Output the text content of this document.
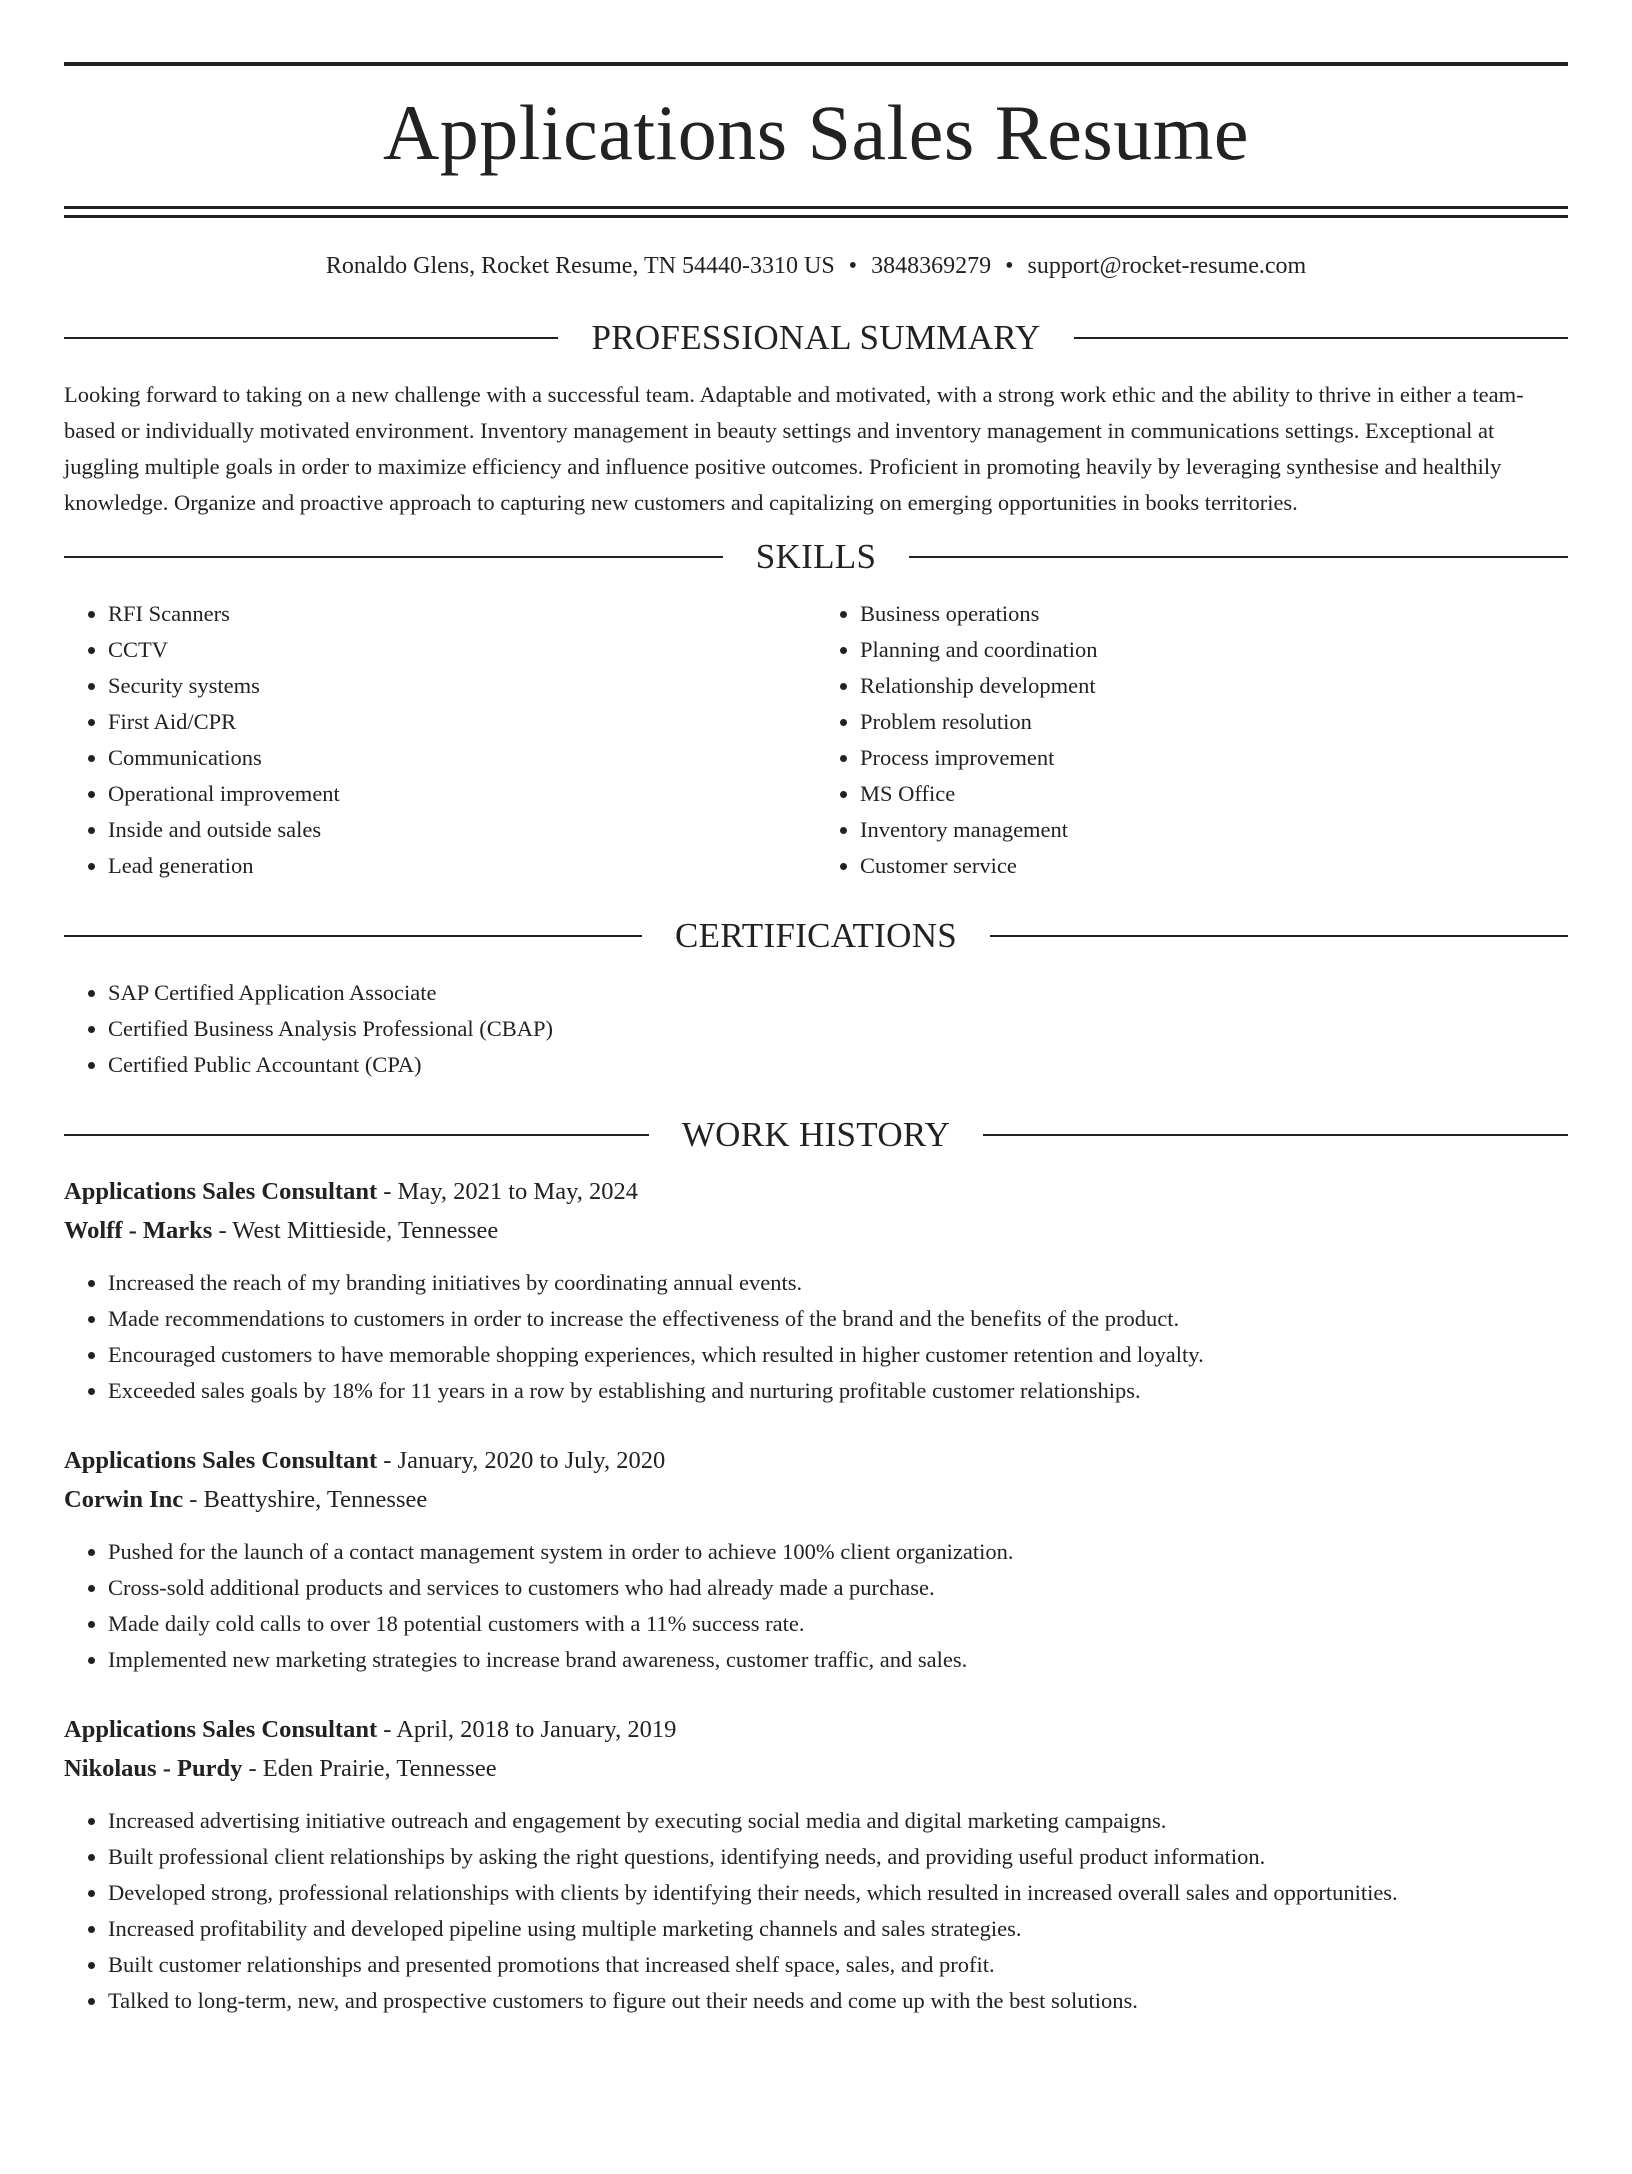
Applications Sales Resume
Ronaldo Glens, Rocket Resume, TN 54440-3310 US • 3848369279 • support@rocket-resume.com
PROFESSIONAL SUMMARY

Looking forward to taking on a new challenge with a successful team. Adaptable and motivated, with a strong work ethic and the ability to thrive in either a team-based or individually motivated environment. Inventory management in beauty settings and inventory management in communications settings. Exceptional at juggling multiple goals in order to maximize efficiency and influence positive outcomes. Proficient in promoting heavily by leveraging synthesise and healthily knowledge. Organize and proactive approach to capturing new customers and capitalizing on emerging opportunities in books territories.

SKILLS
• RFI Scanners
• CCTV
• Security systems
• First Aid/CPR
• Communications
• Operational improvement
• Inside and outside sales
• Lead generation
• Business operations
• Planning and coordination
• Relationship development
• Problem resolution
• Process improvement
• MS Office
• Inventory management
• Customer service
CERTIFICATIONS
• SAP Certified Application Associate
• Certified Business Analysis Professional (CBAP)
• Certified Public Accountant (CPA)
WORK HISTORY
Applications Sales Consultant - May, 2021 to May, 2024
Wolff - Marks - West Mittieside, Tennessee
• Increased the reach of my branding initiatives by coordinating annual events.
• Made recommendations to customers in order to increase the effectiveness of the brand and the benefits of the product.
• Encouraged customers to have memorable shopping experiences, which resulted in higher customer retention and loyalty.
• Exceeded sales goals by 18% for 11 years in a row by establishing and nurturing profitable customer relationships.
Applications Sales Consultant - January, 2020 to July, 2020
Corwin Inc - Beattyshire, Tennessee
• Pushed for the launch of a contact management system in order to achieve 100% client organization.
• Cross-sold additional products and services to customers who had already made a purchase.
• Made daily cold calls to over 18 potential customers with a 11% success rate.
• Implemented new marketing strategies to increase brand awareness, customer traffic, and sales.
Applications Sales Consultant - April, 2018 to January, 2019
Nikolaus - Purdy - Eden Prairie, Tennessee
• Increased advertising initiative outreach and engagement by executing social media and digital marketing campaigns.
• Built professional client relationships by asking the right questions, identifying needs, and providing useful product information.
• Developed strong, professional relationships with clients by identifying their needs, which resulted in increased overall sales and opportunities.
• Increased profitability and developed pipeline using multiple marketing channels and sales strategies.
• Built customer relationships and presented promotions that increased shelf space, sales, and profit.
• Talked to long-term, new, and prospective customers to figure out their needs and come up with the best solutions.
